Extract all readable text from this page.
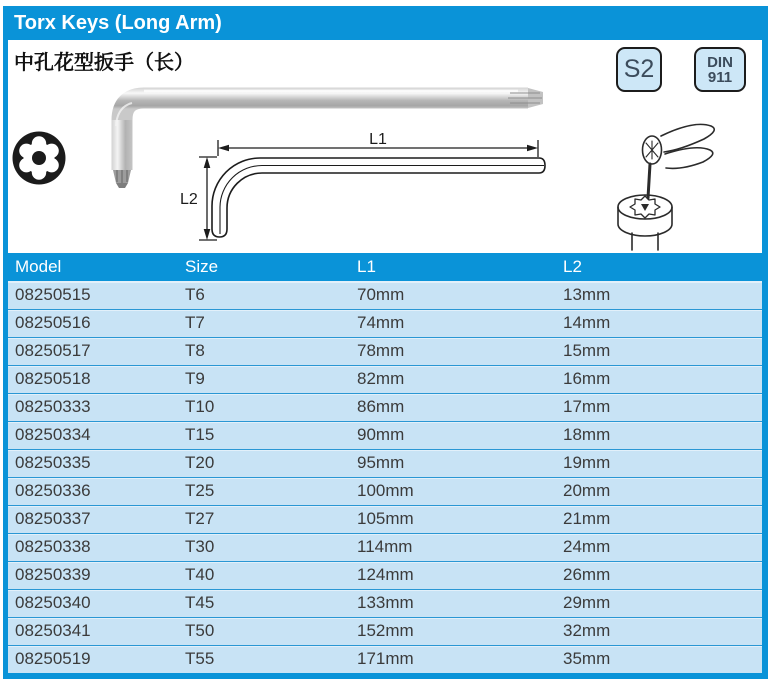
Torx Keys (Long Arm)
中孔花型扳手（长）	S2	DIN
911
L1
L2
Model	Size	L1	L2
08250515	T6	70mm	13mm
08250516	T7	74mm	14mm
08250517	T8	78mm	15mm
08250518	T9	82mm	16mm
08250333	T10	86mm	17mm
08250334	T15	90mm	18mm
08250335	T20	95mm	19mm
08250336	T25	100mm	20mm
08250337	T27	105mm	21mm
08250338	T30	114mm	24mm
08250339	T40	124mm	26mm
08250340	T45	133mm	29mm
08250341	T50	152mm	32mm
08250519	T55	171mm	35mm
